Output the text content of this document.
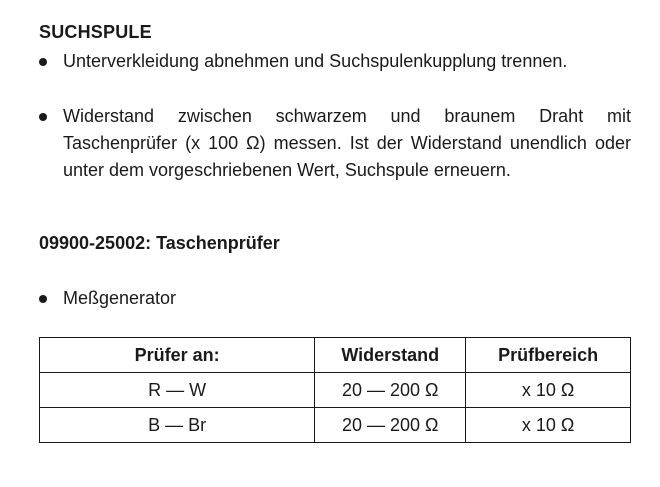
SUCHSPULE
Unterverkleidung abnehmen und Suchspulenkupplung trennen.
Widerstand zwischen schwarzem und braunem Draht mit Taschenprüfer (x 100 Ω) messen. Ist der Widerstand unendlich oder unter dem vorgeschriebenen Wert, Suchspule erneuern.
09900-25002: Taschenprüfer
Meßgenerator
Prüfer an:	Widerstand	Prüfbereich
R — W	20 — 200 Ω	x 10 Ω
B — Br	20 — 200 Ω	x 10 Ω
